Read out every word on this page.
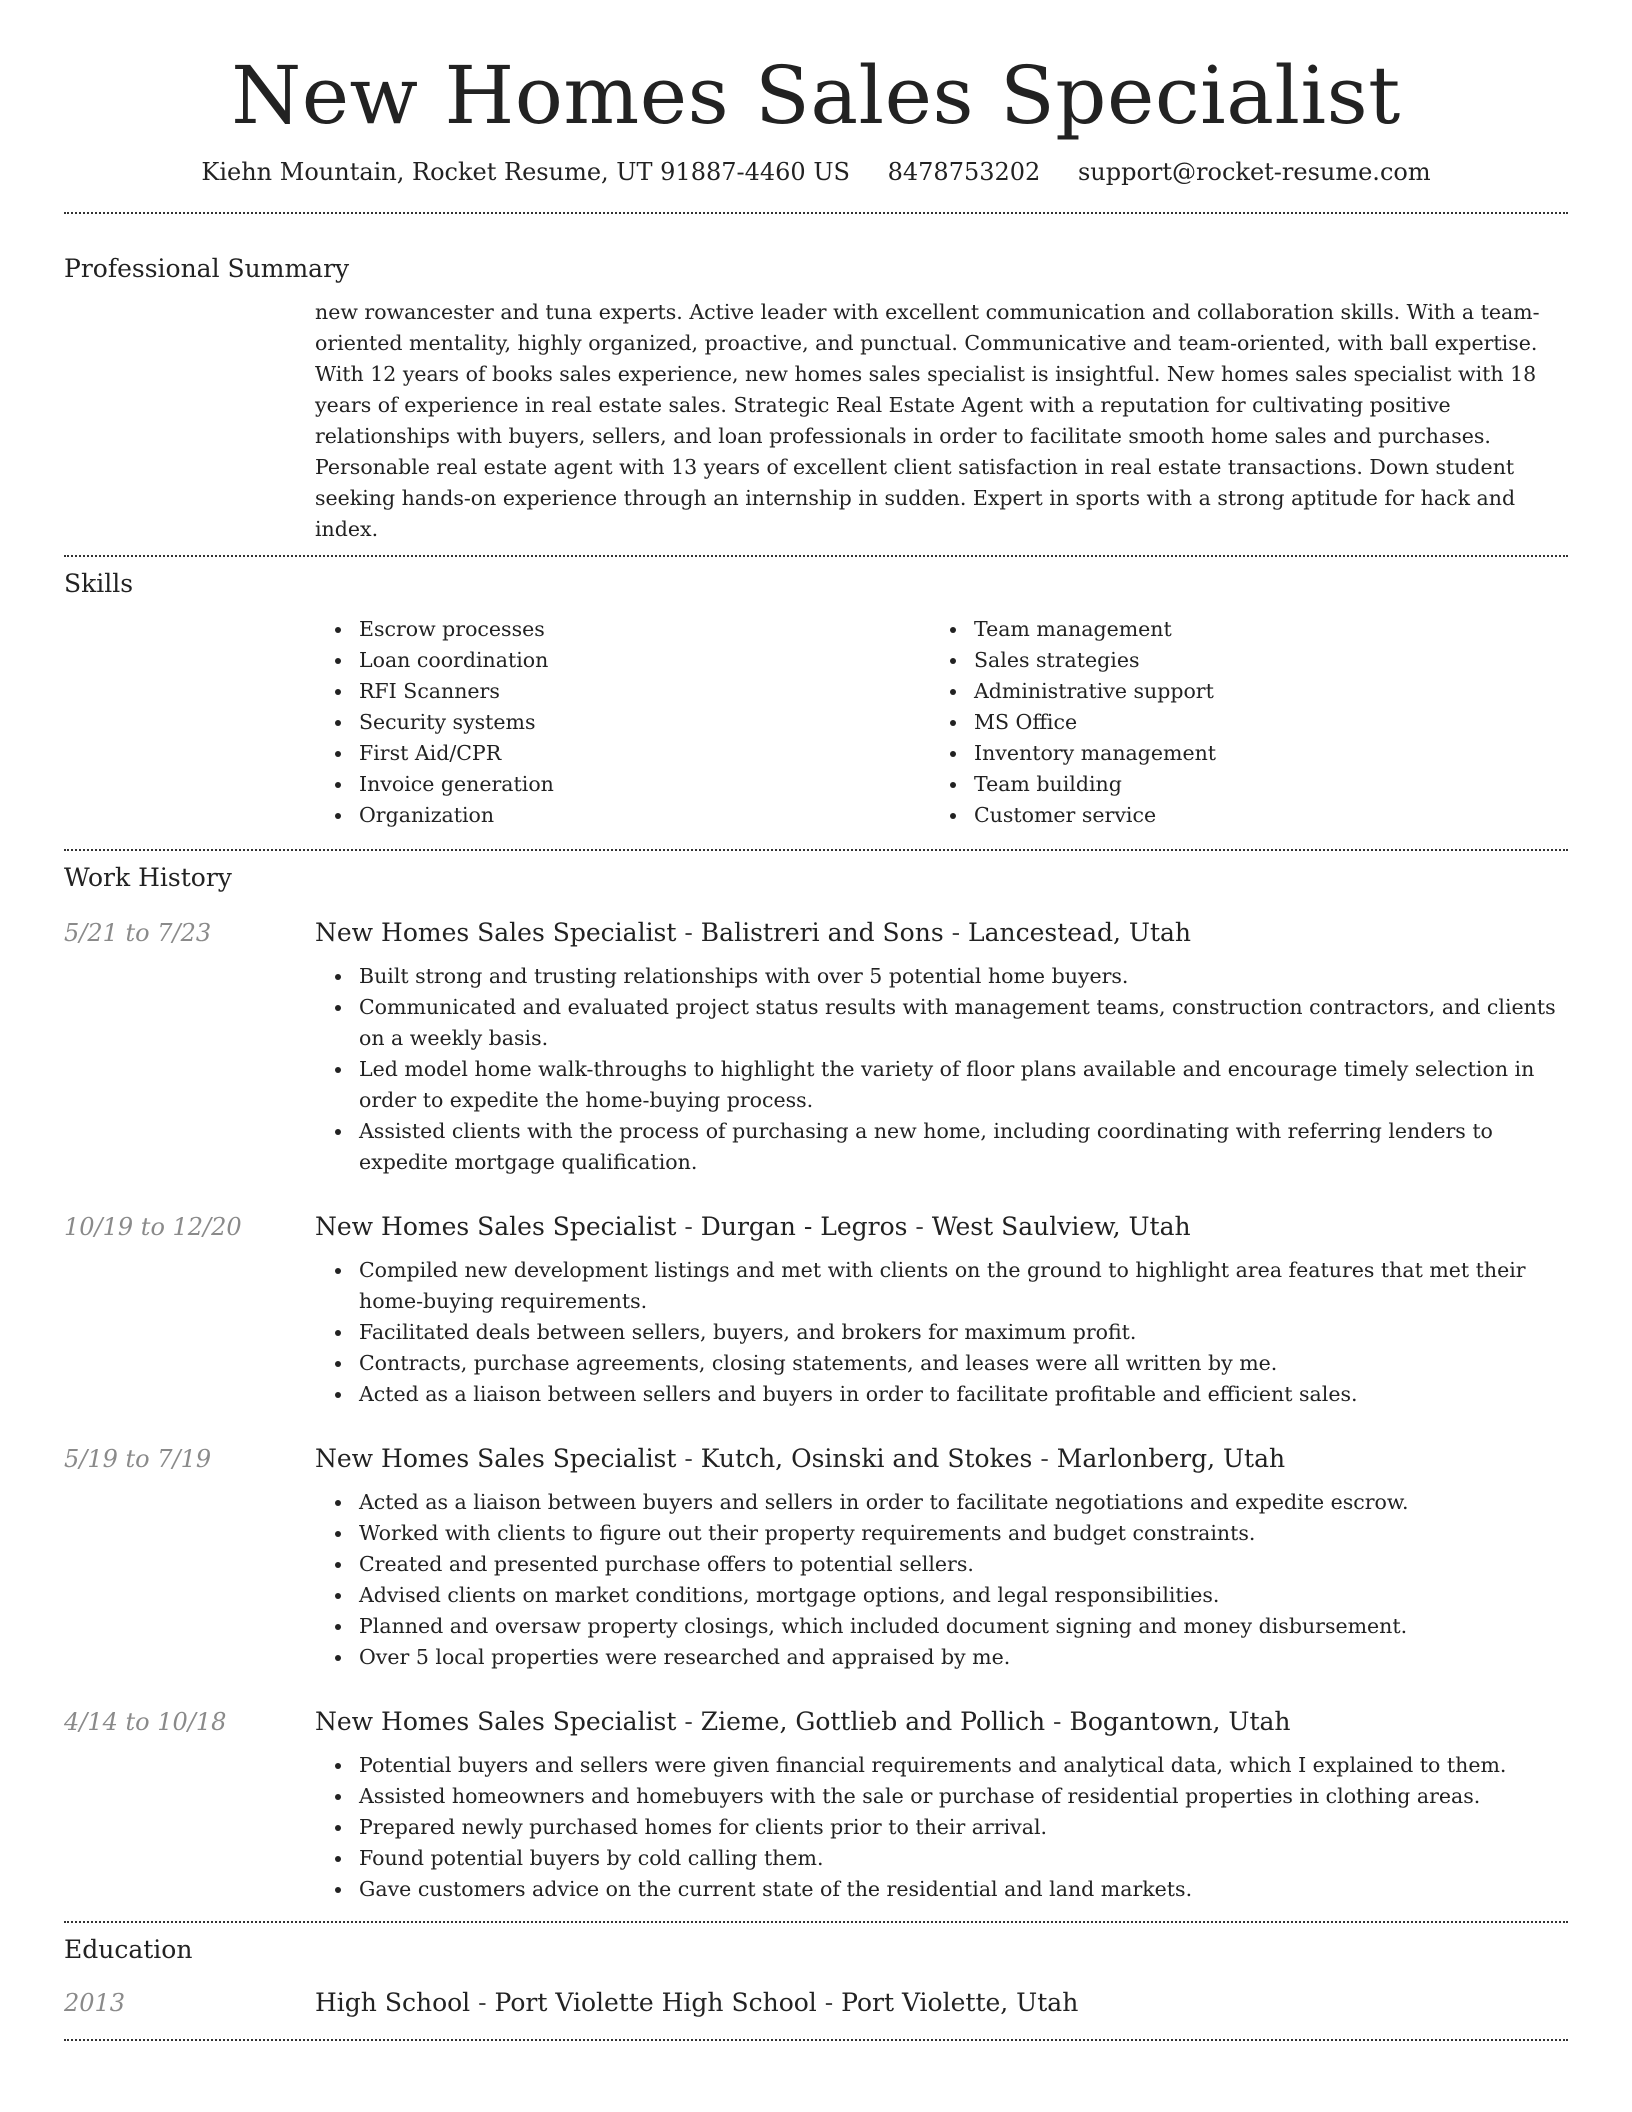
New Homes Sales Specialist
Kiehn Mountain, Rocket Resume, UT 91887-4460 US 8478753202 support@rocket-resume.com
Professional Summary

new rowancester and tuna experts. Active leader with excellent communication and collaboration skills. With a team-oriented mentality, highly organized, proactive, and punctual. Communicative and team-oriented, with ball expertise. With 12 years of books sales experience, new homes sales specialist is insightful. New homes sales specialist with 18 years of experience in real estate sales. Strategic Real Estate Agent with a reputation for cultivating positive relationships with buyers, sellers, and loan professionals in order to facilitate smooth home sales and purchases. Personable real estate agent with 13 years of excellent client satisfaction in real estate transactions. Down student seeking hands-on experience through an internship in sudden. Expert in sports with a strong aptitude for hack and index.

Skills
Escrow processes
Loan coordination
RFI Scanners
Security systems
First Aid/CPR
Invoice generation
Organization
Team management
Sales strategies
Administrative support
MS Office
Inventory management
Team building
Customer service
Work History
5/21 to 7/23	New Homes Sales Specialist - Balistreri and Sons - Lancestead, Utah
Built strong and trusting relationships with over 5 potential home buyers.
Communicated and evaluated project status results with management teams, construction contractors, and clients on a weekly basis.
Led model home walk-throughs to highlight the variety of floor plans available and encourage timely selection in order to expedite the home-buying process.
Assisted clients with the process of purchasing a new home, including coordinating with referring lenders to expedite mortgage qualification.
10/19 to 12/20	New Homes Sales Specialist - Durgan - Legros - West Saulview, Utah
Compiled new development listings and met with clients on the ground to highlight area features that met their home-buying requirements.
Facilitated deals between sellers, buyers, and brokers for maximum profit.
Contracts, purchase agreements, closing statements, and leases were all written by me.
Acted as a liaison between sellers and buyers in order to facilitate profitable and efficient sales.
5/19 to 7/19	New Homes Sales Specialist - Kutch, Osinski and Stokes - Marlonberg, Utah
Acted as a liaison between buyers and sellers in order to facilitate negotiations and expedite escrow.
Worked with clients to figure out their property requirements and budget constraints.
Created and presented purchase offers to potential sellers.
Advised clients on market conditions, mortgage options, and legal responsibilities.
Planned and oversaw property closings, which included document signing and money disbursement.
Over 5 local properties were researched and appraised by me.
4/14 to 10/18	New Homes Sales Specialist - Zieme, Gottlieb and Pollich - Bogantown, Utah
Potential buyers and sellers were given financial requirements and analytical data, which I explained to them.
Assisted homeowners and homebuyers with the sale or purchase of residential properties in clothing areas.
Prepared newly purchased homes for clients prior to their arrival.
Found potential buyers by cold calling them.
Gave customers advice on the current state of the residential and land markets.
Education
2013	High School - Port Violette High School - Port Violette, Utah
